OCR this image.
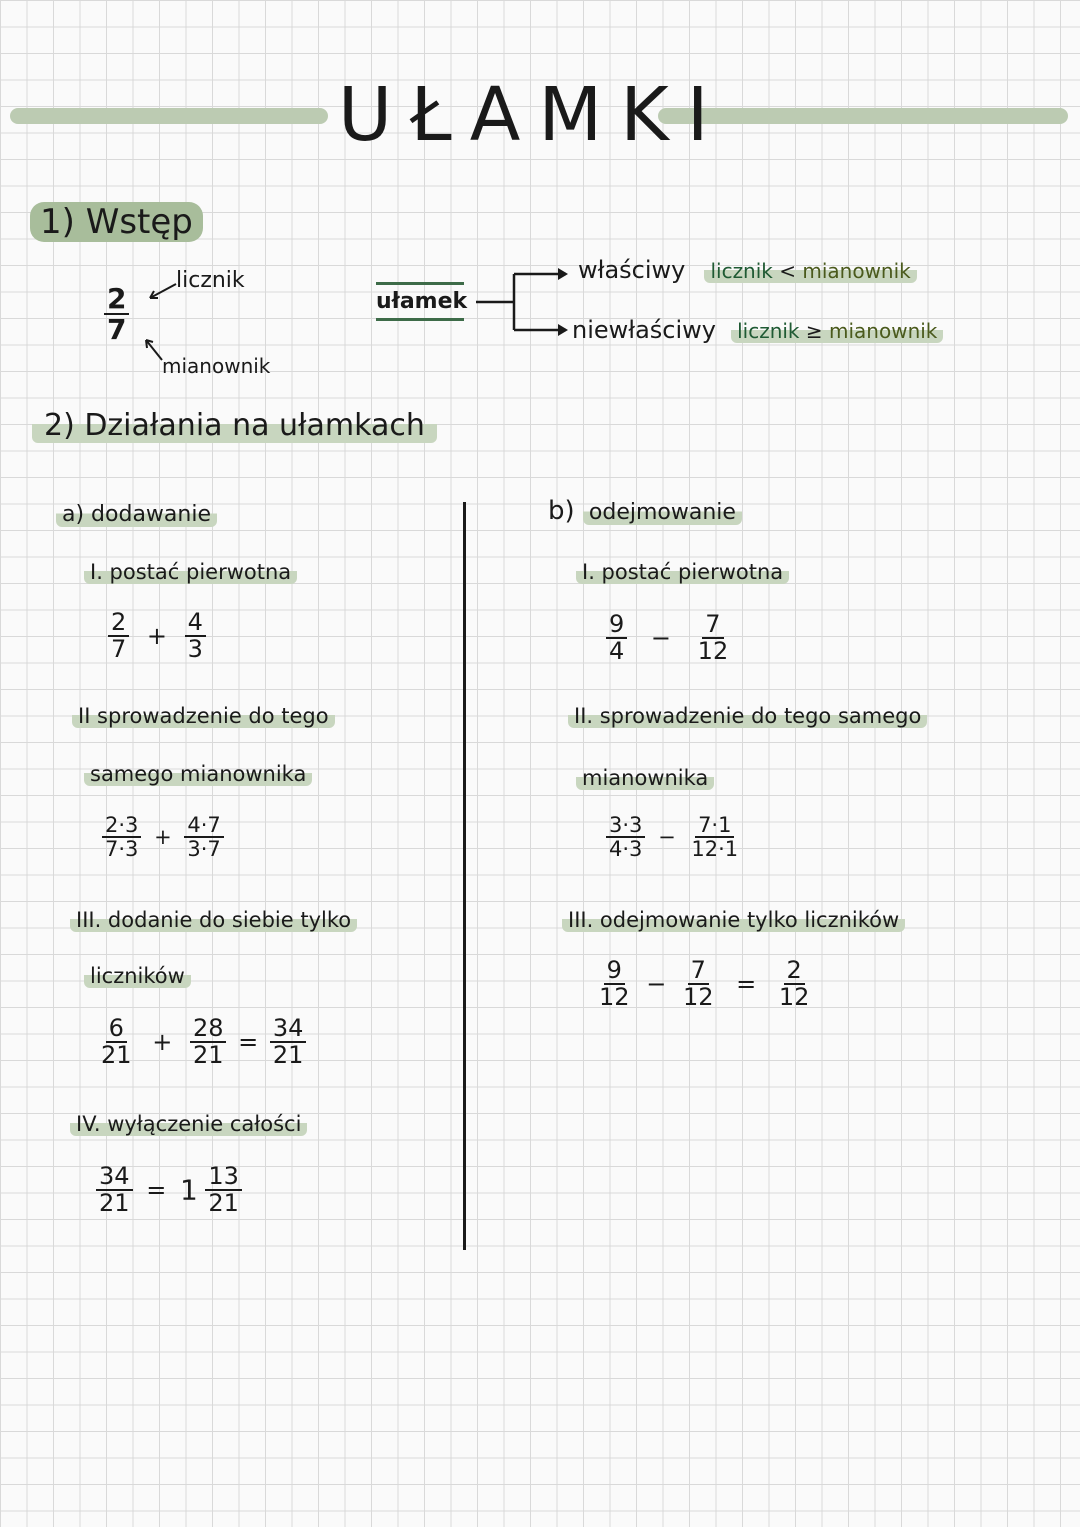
UŁAMKI
1) Wstęp
$\frac{2}{7}$
licznik
mianownik
ułamek
właściwy licznik < mianownik
niewłaściwy licznik ≥ mianownik
2) Działania na ułamkach
a) dodawanie
I. postać pierwotna
$\frac{2}{7} + \frac{4}{3}$
II sprowadzenie do tego
samego mianownika
$\frac{2\cdot 3}{7\cdot 3} + \frac{4\cdot 7}{3\cdot 7}$
III. dodanie do siebie tylko
liczników
$\frac{6}{21} + \frac{28}{21} = \frac{34}{21}$
IV. wyłączenie całości
$\frac{34}{21} = 1 \frac{13}{21}$
b) odejmowanie
I. postać pierwotna
$\frac{9}{4} - \frac{7}{12}$
II. sprowadzenie do tego samego
mianownika
$\frac{3\cdot 3}{4\cdot 3} - \frac{7\cdot 1}{12\cdot 1}$
III. odejmowanie tylko liczników
$\frac{9}{12} - \frac{7}{12} = \frac{2}{12}$
